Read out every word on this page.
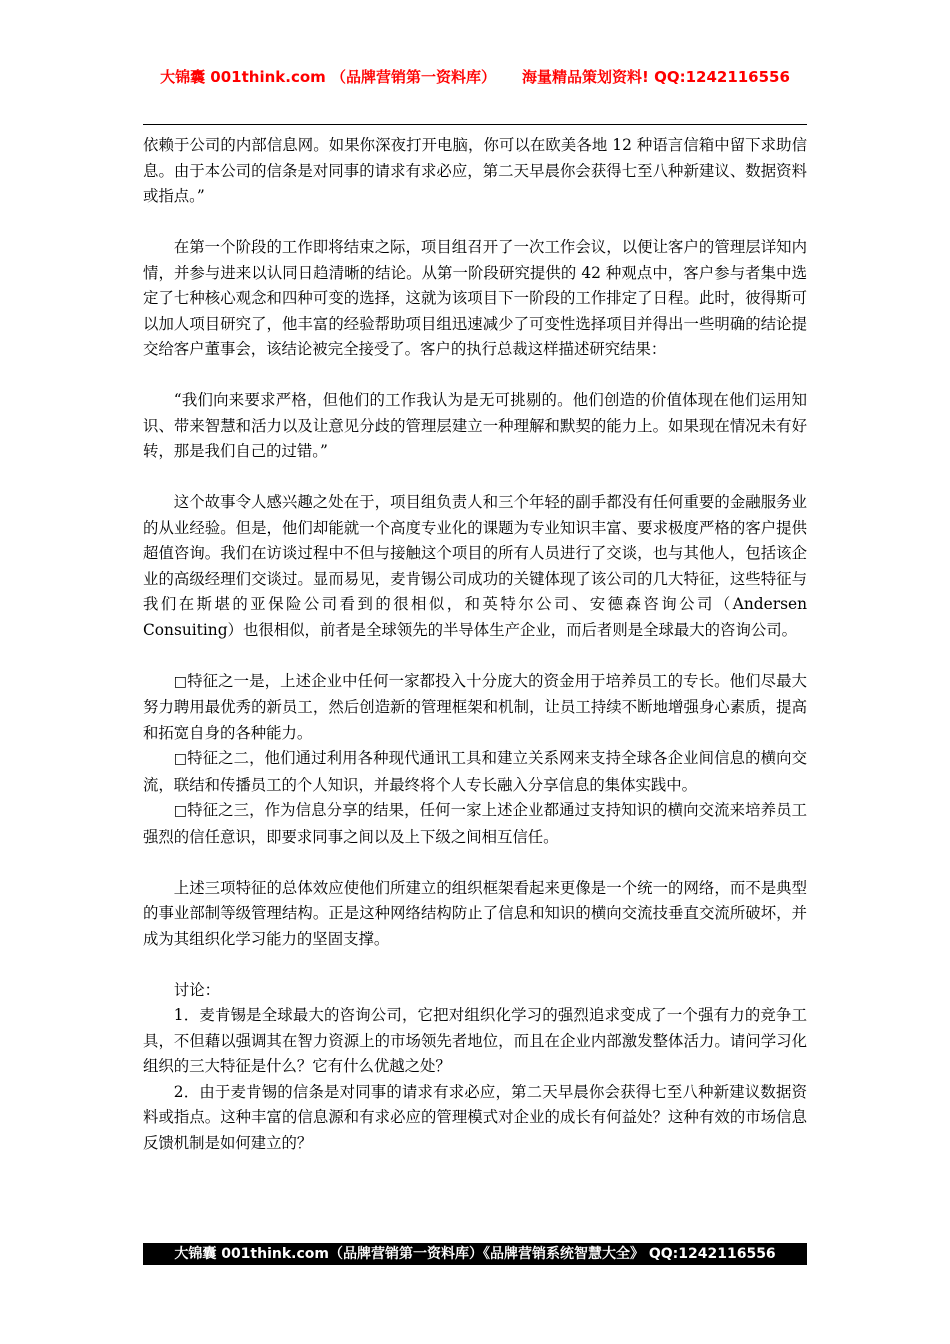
大锦囊 001think.com （品牌营销第一资料库） 海量精品策划资料! QQ:1242116556

依赖于公司的内部信息网。如果你深夜打开电脑，你可以在欧美各地 12 种语言信箱中留下求助信息。由于本公司的信条是对同事的请求有求必应，第二天早晨你会获得七至八种新建议、数据资料或指点。”

在第一个阶段的工作即将结束之际，项目组召开了一次工作会议，以便让客户的管理层详知内情，并参与进来以认同日趋清晰的结论。从第一阶段研究提供的 42 种观点中，客户参与者集中选定了七种核心观念和四种可变的选择，这就为该项目下一阶段的工作排定了日程。此时，彼得斯可以加人项目研究了，他丰富的经验帮助项目组迅速减少了可变性选择项目并得出一些明确的结论提交给客户董事会，该结论被完全接受了。客户的执行总裁这样描述研究结果：

“我们向来要求严格，但他们的工作我认为是无可挑剔的。他们创造的价值体现在他们运用知识、带来智慧和活力以及让意见分歧的管理层建立一种理解和默契的能力上。如果现在情况未有好转，那是我们自己的过错。”

这个故事令人感兴趣之处在于，项目组负责人和三个年轻的副手都没有任何重要的金融服务业的从业经验。但是，他们却能就一个高度专业化的课题为专业知识丰富、要求极度严格的客户提供超值咨询。我们在访谈过程中不但与接触这个项目的所有人员进行了交谈，也与其他人，包括该企业的高级经理们交谈过。显而易见，麦肯锡公司成功的关键体现了该公司的几大特征，这些特征与我们在斯堪的亚保险公司看到的很相似，和英特尔公司、安德森咨询公司（Andersen Consuiting）也很相似，前者是全球领先的半导体生产企业，而后者则是全球最大的咨询公司。

□特征之一是，上述企业中任何一家都投入十分庞大的资金用于培养员工的专长。他们尽最大努力聘用最优秀的新员工，然后创造新的管理框架和机制，让员工持续不断地增强身心素质，提高和拓宽自身的各种能力。

□特征之二，他们通过利用各种现代通讯工具和建立关系网来支持全球各企业间信息的横向交流，联结和传播员工的个人知识，并最终将个人专长融入分享信息的集体实践中。

□特征之三，作为信息分享的结果，任何一家上述企业都通过支持知识的横向交流来培养员工强烈的信任意识，即要求同事之间以及上下级之间相互信任。

上述三项特征的总体效应使他们所建立的组织框架看起来更像是一个统一的网络，而不是典型的事业部制等级管理结构。正是这种网络结构防止了信息和知识的横向交流技垂直交流所破坏，并成为其组织化学习能力的坚固支撑。

讨论：

1．麦肯锡是全球最大的咨询公司，它把对组织化学习的强烈追求变成了一个强有力的竞争工具，不但藉以强调其在智力资源上的市场领先者地位，而且在企业内部激发整体活力。请问学习化组织的三大特征是什么？它有什么优越之处？

2．由于麦肯锡的信条是对同事的请求有求必应，第二天早晨你会获得七至八种新建议数据资料或指点。这种丰富的信息源和有求必应的管理模式对企业的成长有何益处？这种有效的市场信息反馈机制是如何建立的？

大锦囊 001think.com（品牌营销第一资料库）《品牌营销系统智慧大全》 QQ:1242116556
